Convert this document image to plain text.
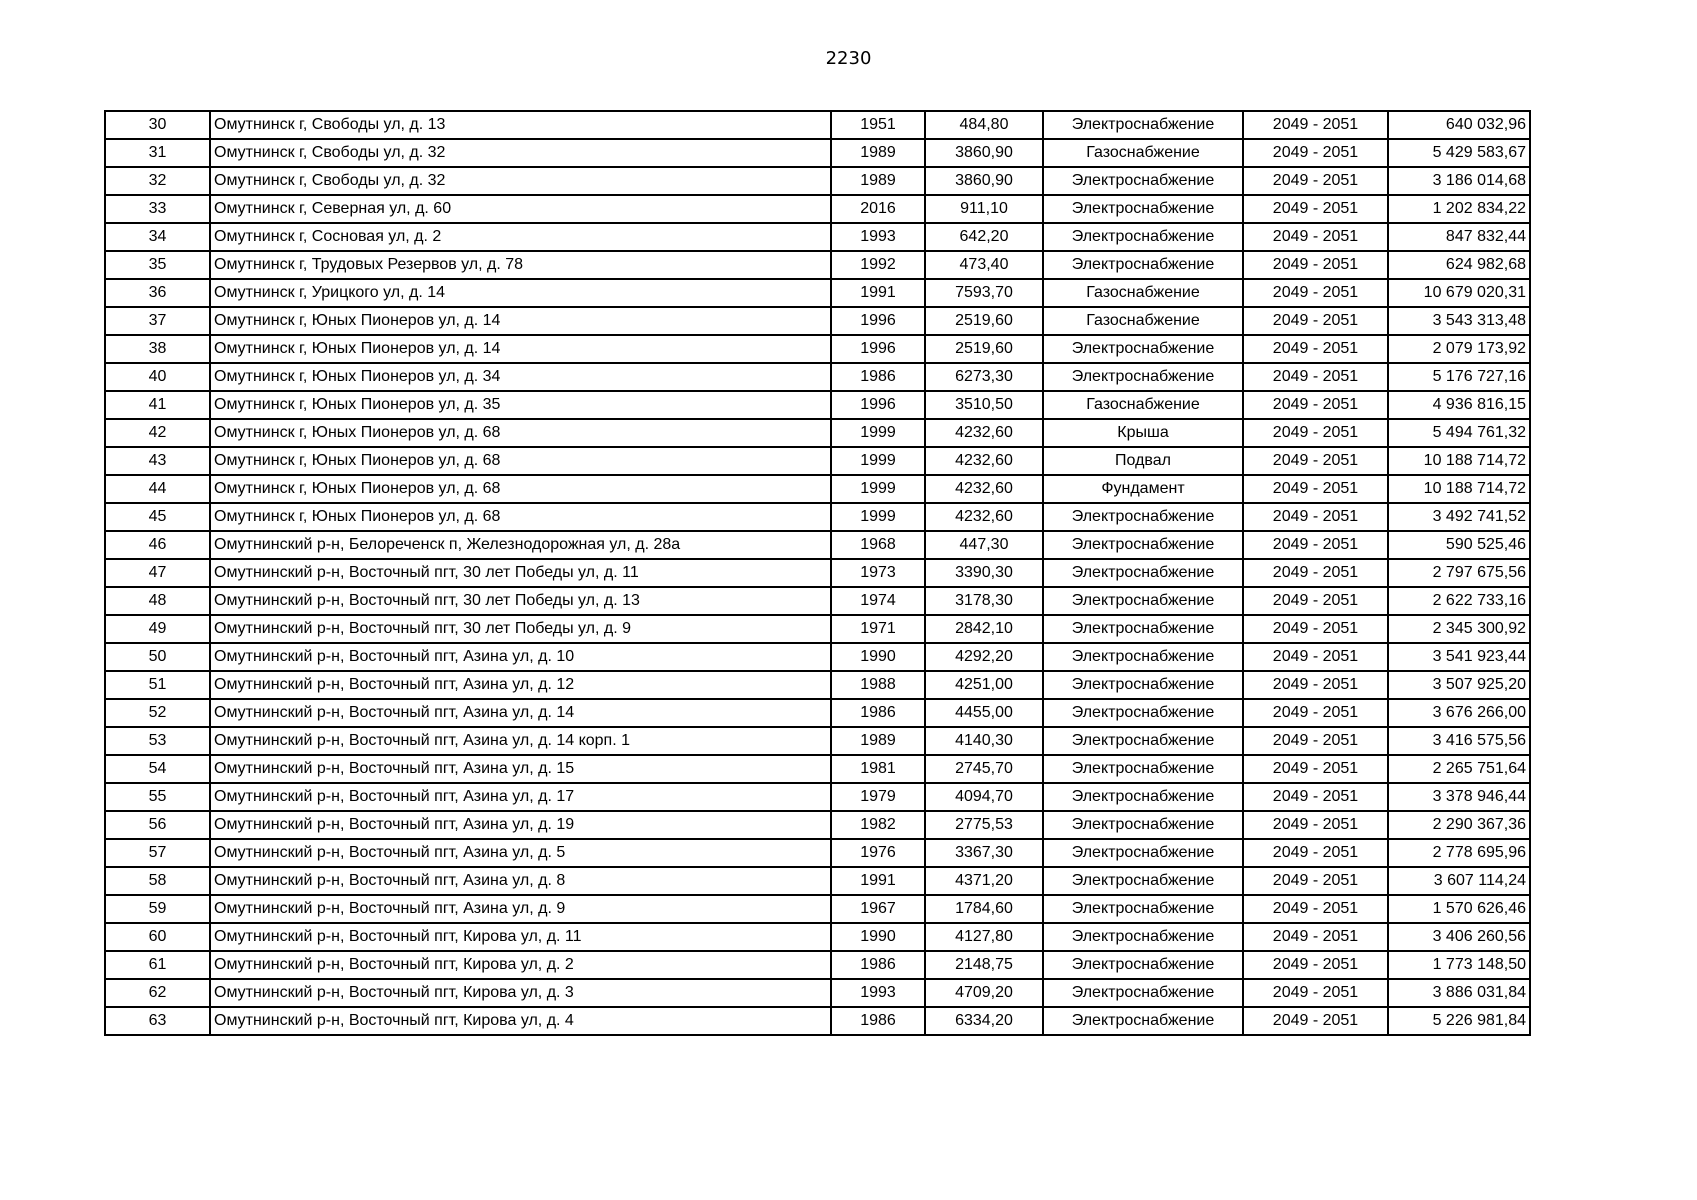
2230
30	Омутнинск г, Свободы ул, д. 13	1951	484,80	Электроснабжение	2049 - 2051	640 032,96
31	Омутнинск г, Свободы ул, д. 32	1989	3860,90	Газоснабжение	2049 - 2051	5 429 583,67
32	Омутнинск г, Свободы ул, д. 32	1989	3860,90	Электроснабжение	2049 - 2051	3 186 014,68
33	Омутнинск г, Северная ул, д. 60	2016	911,10	Электроснабжение	2049 - 2051	1 202 834,22
34	Омутнинск г, Сосновая ул, д. 2	1993	642,20	Электроснабжение	2049 - 2051	847 832,44
35	Омутнинск г, Трудовых Резервов ул, д. 78	1992	473,40	Электроснабжение	2049 - 2051	624 982,68
36	Омутнинск г, Урицкого ул, д. 14	1991	7593,70	Газоснабжение	2049 - 2051	10 679 020,31
37	Омутнинск г, Юных Пионеров ул, д. 14	1996	2519,60	Газоснабжение	2049 - 2051	3 543 313,48
38	Омутнинск г, Юных Пионеров ул, д. 14	1996	2519,60	Электроснабжение	2049 - 2051	2 079 173,92
40	Омутнинск г, Юных Пионеров ул, д. 34	1986	6273,30	Электроснабжение	2049 - 2051	5 176 727,16
41	Омутнинск г, Юных Пионеров ул, д. 35	1996	3510,50	Газоснабжение	2049 - 2051	4 936 816,15
42	Омутнинск г, Юных Пионеров ул, д. 68	1999	4232,60	Крыша	2049 - 2051	5 494 761,32
43	Омутнинск г, Юных Пионеров ул, д. 68	1999	4232,60	Подвал	2049 - 2051	10 188 714,72
44	Омутнинск г, Юных Пионеров ул, д. 68	1999	4232,60	Фундамент	2049 - 2051	10 188 714,72
45	Омутнинск г, Юных Пионеров ул, д. 68	1999	4232,60	Электроснабжение	2049 - 2051	3 492 741,52
46	Омутнинский р-н, Белореченск п, Железнодорожная ул, д. 28а	1968	447,30	Электроснабжение	2049 - 2051	590 525,46
47	Омутнинский р-н, Восточный пгт, 30 лет Победы ул, д. 11	1973	3390,30	Электроснабжение	2049 - 2051	2 797 675,56
48	Омутнинский р-н, Восточный пгт, 30 лет Победы ул, д. 13	1974	3178,30	Электроснабжение	2049 - 2051	2 622 733,16
49	Омутнинский р-н, Восточный пгт, 30 лет Победы ул, д. 9	1971	2842,10	Электроснабжение	2049 - 2051	2 345 300,92
50	Омутнинский р-н, Восточный пгт, Азина ул, д. 10	1990	4292,20	Электроснабжение	2049 - 2051	3 541 923,44
51	Омутнинский р-н, Восточный пгт, Азина ул, д. 12	1988	4251,00	Электроснабжение	2049 - 2051	3 507 925,20
52	Омутнинский р-н, Восточный пгт, Азина ул, д. 14	1986	4455,00	Электроснабжение	2049 - 2051	3 676 266,00
53	Омутнинский р-н, Восточный пгт, Азина ул, д. 14 корп. 1	1989	4140,30	Электроснабжение	2049 - 2051	3 416 575,56
54	Омутнинский р-н, Восточный пгт, Азина ул, д. 15	1981	2745,70	Электроснабжение	2049 - 2051	2 265 751,64
55	Омутнинский р-н, Восточный пгт, Азина ул, д. 17	1979	4094,70	Электроснабжение	2049 - 2051	3 378 946,44
56	Омутнинский р-н, Восточный пгт, Азина ул, д. 19	1982	2775,53	Электроснабжение	2049 - 2051	2 290 367,36
57	Омутнинский р-н, Восточный пгт, Азина ул, д. 5	1976	3367,30	Электроснабжение	2049 - 2051	2 778 695,96
58	Омутнинский р-н, Восточный пгт, Азина ул, д. 8	1991	4371,20	Электроснабжение	2049 - 2051	3 607 114,24
59	Омутнинский р-н, Восточный пгт, Азина ул, д. 9	1967	1784,60	Электроснабжение	2049 - 2051	1 570 626,46
60	Омутнинский р-н, Восточный пгт, Кирова ул, д. 11	1990	4127,80	Электроснабжение	2049 - 2051	3 406 260,56
61	Омутнинский р-н, Восточный пгт, Кирова ул, д. 2	1986	2148,75	Электроснабжение	2049 - 2051	1 773 148,50
62	Омутнинский р-н, Восточный пгт, Кирова ул, д. 3	1993	4709,20	Электроснабжение	2049 - 2051	3 886 031,84
63	Омутнинский р-н, Восточный пгт, Кирова ул, д. 4	1986	6334,20	Электроснабжение	2049 - 2051	5 226 981,84
